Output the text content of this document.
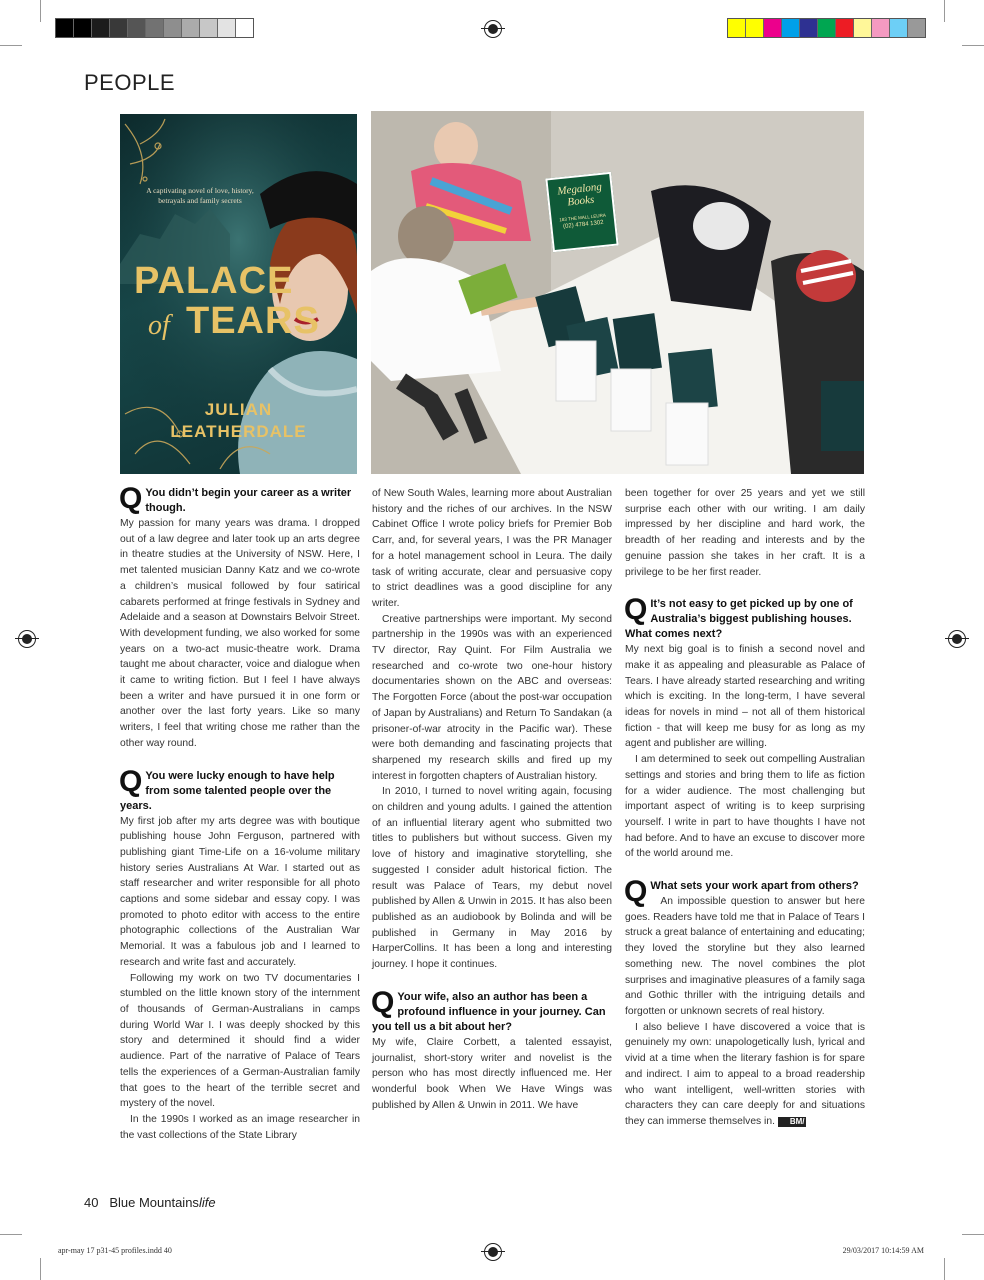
PEOPLE
A captivating novel of love, history, betrayals and family secrets
PALACE
of TEARS
JULIAN
LEATHERDALE
Megalong
Books
183 THE MALL LEURA
(02) 4784 1302
Q You didn’t begin your career as a writer though.

My passion for many years was drama. I dropped out of a law degree and later took up an arts degree in theatre studies at the University of NSW. Here, I met talented musician Danny Katz and we co-wrote a children’s musical followed by four satirical cabarets performed at fringe festivals in Sydney and Adelaide and a season at Downstairs Belvoir Street. With development funding, we also worked for some years on a two-act music-theatre work. Drama taught me about character, voice and dialogue when it came to writing fiction. But I feel I have always been a writer and have pursued it in one form or another over the last forty years. Like so many writers, I feel that writing chose me rather than the other way round.

Q You were lucky enough to have help from some talented people over the years.

My first job after my arts degree was with boutique publishing house John Ferguson, partnered with publishing giant Time-Life on a 16-volume military history series Australians At War. I started out as staff researcher and writer responsible for all photo captions and some sidebar and essay copy. I was promoted to photo editor with access to the entire photographic collections of the Australian War Memorial. It was a fabulous job and I learned to research and write fast and accurately.

Following my work on two TV documentaries I stumbled on the little known story of the internment of thousands of German-Australians in camps during World War I. I was deeply shocked by this story and determined it should find a wider audience. Part of the narrative of Palace of Tears tells the experiences of a German-Australian family that goes to the heart of the terrible secret and mystery of the novel.

In the 1990s I worked as an image researcher in the vast collections of the State Library

of New South Wales, learning more about Australian history and the riches of our archives. In the NSW Cabinet Office I wrote policy briefs for Premier Bob Carr, and, for several years, I was the PR Manager for a hotel management school in Leura. The daily task of writing accurate, clear and persuasive copy to strict deadlines was a good discipline for any writer.

Creative partnerships were important. My second partnership in the 1990s was with an experienced TV director, Ray Quint. For Film Australia we researched and co-wrote two one-hour history documentaries shown on the ABC and overseas: The Forgotten Force (about the post-war occupation of Japan by Australians) and Return To Sandakan (a prisoner-of-war atrocity in the Pacific war). These were both demanding and fascinating projects that sharpened my research skills and fired up my interest in forgotten chapters of Australian history.

In 2010, I turned to novel writing again, focusing on children and young adults. I gained the attention of an influential literary agent who submitted two titles to publishers but without success. Given my love of history and imaginative storytelling, she suggested I consider adult historical fiction. The result was Palace of Tears, my debut novel published by Allen & Unwin in 2015. It has also been published as an audiobook by Bolinda and will be published in Germany in May 2016 by HarperCollins. It has been a long and interesting journey. I hope it continues.

Q Your wife, also an author has been a profound influence in your journey. Can you tell us a bit about her?

My wife, Claire Corbett, a talented essayist, journalist, short-story writer and novelist is the person who has most directly influenced me. Her wonderful book When We Have Wings was published by Allen & Unwin in 2011. We have

been together for over 25 years and yet we still surprise each other with our writing. I am daily impressed by her discipline and hard work, the breadth of her reading and interests and by the genuine passion she takes in her craft. It is a privilege to be her first reader.

Q It’s not easy to get picked up by one of Australia’s biggest publishing houses. What comes next?

My next big goal is to finish a second novel and make it as appealing and pleasurable as Palace of Tears. I have already started researching and writing which is exciting. In the long-term, I have several ideas for novels in mind – not all of them historical fiction - that will keep me busy for as long as my agent and publisher are willing.

I am determined to seek out compelling Australian settings and stories and bring them to life as fiction for a wider audience. The most challenging but important aspect of writing is to keep surprising yourself. I write in part to have thoughts I have not had before. And to have an excuse to discover more of the world around me.

Q What sets your work apart from others?

An impossible question to answer but here goes. Readers have told me that in Palace of Tears I struck a great balance of entertaining and educating; they loved the storyline but they also learned something new. The novel combines the plot surprises and imaginative pleasures of a family saga and Gothic thriller with the intriguing details and forgotten or unknown secrets of real history.

I also believe I have discovered a voice that is genuinely my own: unapologetically lush, lyrical and vivid at a time when the literary fashion is for spare and indirect. I aim to appeal to a broad readership who want intelligent, well-written stories with characters they can care deeply for and situations they can immerse themselves in. BM/

40 Blue Mountainslife
apr-may 17 p31-45 profiles.indd 40	29/03/2017 10:14:59 AM
